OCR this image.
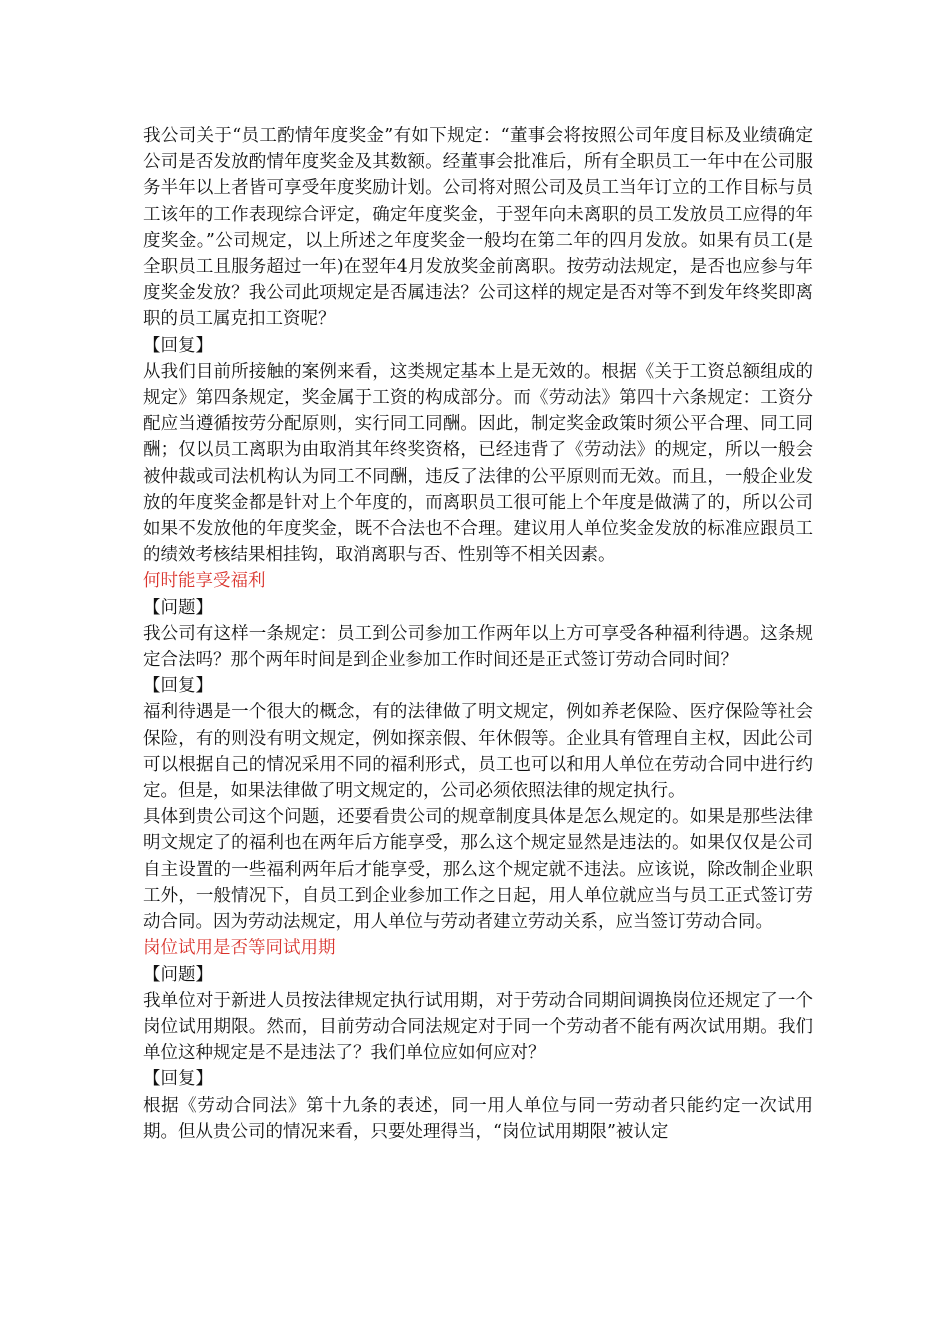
我公司关于“员工酌情年度奖金”有如下规定：“董事会将按照公司年度目标及业绩确定公司是否发放酌情年度奖金及其数额。经董事会批准后，所有全职员工一年中在公司服务半年以上者皆可享受年度奖励计划。公司将对照公司及员工当年订立的工作目标与员工该年的工作表现综合评定，确定年度奖金，于翌年向未离职的员工发放员工应得的年度奖金。”公司规定，以上所述之年度奖金一般均在第二年的四月发放。如果有员工(是全职员工且服务超过一年)在翌年4月发放奖金前离职。按劳动法规定，是否也应参与年度奖金发放？我公司此项规定是否属违法？公司这样的规定是否对等不到发年终奖即离职的员工属克扣工资呢？

【回复】

从我们目前所接触的案例来看，这类规定基本上是无效的。根据《关于工资总额组成的规定》第四条规定，奖金属于工资的构成部分。而《劳动法》第四十六条规定：工资分配应当遵循按劳分配原则，实行同工同酬。因此，制定奖金政策时须公平合理、同工同酬；仅以员工离职为由取消其年终奖资格，已经违背了《劳动法》的规定，所以一般会被仲裁或司法机构认为同工不同酬，违反了法律的公平原则而无效。而且，一般企业发放的年度奖金都是针对上个年度的，而离职员工很可能上个年度是做满了的，所以公司如果不发放他的年度奖金，既不合法也不合理。建议用人单位奖金发放的标准应跟员工的绩效考核结果相挂钩，取消离职与否、性别等不相关因素。

何时能享受福利

【问题】

我公司有这样一条规定：员工到公司参加工作两年以上方可享受各种福利待遇。这条规定合法吗？那个两年时间是到企业参加工作时间还是正式签订劳动合同时间？

【回复】

福利待遇是一个很大的概念，有的法律做了明文规定，例如养老保险、医疗保险等社会保险，有的则没有明文规定，例如探亲假、年休假等。企业具有管理自主权，因此公司可以根据自己的情况采用不同的福利形式，员工也可以和用人单位在劳动合同中进行约定。但是，如果法律做了明文规定的，公司必须依照法律的规定执行。

具体到贵公司这个问题，还要看贵公司的规章制度具体是怎么规定的。如果是那些法律明文规定了的福利也在两年后方能享受，那么这个规定显然是违法的。如果仅仅是公司自主设置的一些福利两年后才能享受，那么这个规定就不违法。应该说，除改制企业职工外，一般情况下，自员工到企业参加工作之日起，用人单位就应当与员工正式签订劳动合同。因为劳动法规定，用人单位与劳动者建立劳动关系，应当签订劳动合同。

岗位试用是否等同试用期

【问题】

我单位对于新进人员按法律规定执行试用期，对于劳动合同期间调换岗位还规定了一个岗位试用期限。然而，目前劳动合同法规定对于同一个劳动者不能有两次试用期。我们单位这种规定是不是违法了？我们单位应如何应对？

【回复】

根据《劳动合同法》第十九条的表述，同一用人单位与同一劳动者只能约定一次试用期。但从贵公司的情况来看，只要处理得当，“岗位试用期限”被认定
